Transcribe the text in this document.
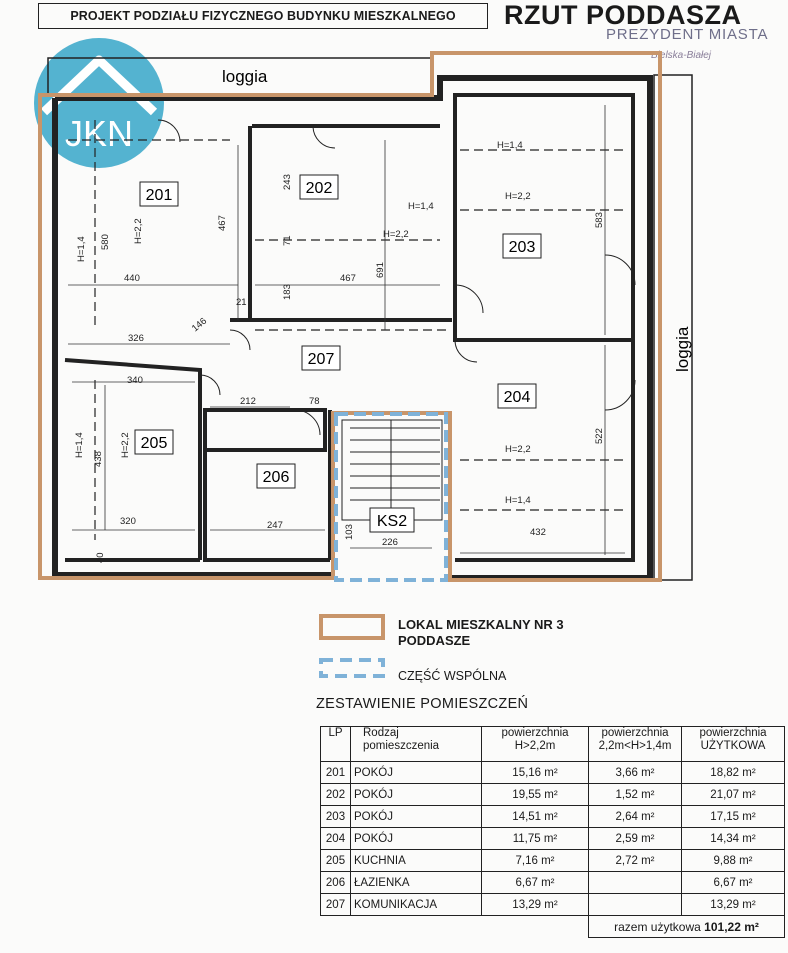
PROJEKT PODZIAŁU FIZYCZNEGO BUDYNKU MIESZKALNEGO RZUT PODDASZA
PREZYDENT MIASTA
Bielska-Białej
JKN
loggia
loggia
201	202
203
204
205
206
207
KS2
440
326
467
580
21
146
243
71
183
467
691
583
522
432
340
438
320
40
212	78
247	103
226
H=1,4
H=2,2
H=1,4
H=2,2
H=1,4
H=2,2
H=2,2
H=1,4
H=1,4	H=2,2
LOKAL MIESZKALNY NR 3
PODDASZE
CZĘŚĆ WSPÓLNA
ZESTAWIENIE POMIESZCZEŃ
LP	Rodzaj pomieszczenia	powierzchnia H>2,2m	powierzchnia 2,2m<H>1,4m	powierzchnia UŻYTKOWA
201	POKÓJ	15,16 m²	3,66 m²	18,82 m²
202	POKÓJ	19,55 m²	1,52 m²	21,07 m²
203	POKÓJ	14,51 m²	2,64 m²	17,15 m²
204	POKÓJ	11,75 m²	2,59 m²	14,34 m²
205	KUCHNIA	7,16 m²	2,72 m²	9,88 m²
206	ŁAZIENKA	6,67 m²		6,67 m²
207	KOMUNIKACJA	13,29 m²		13,29 m²
			razem użytkowa 101,22 m²	
